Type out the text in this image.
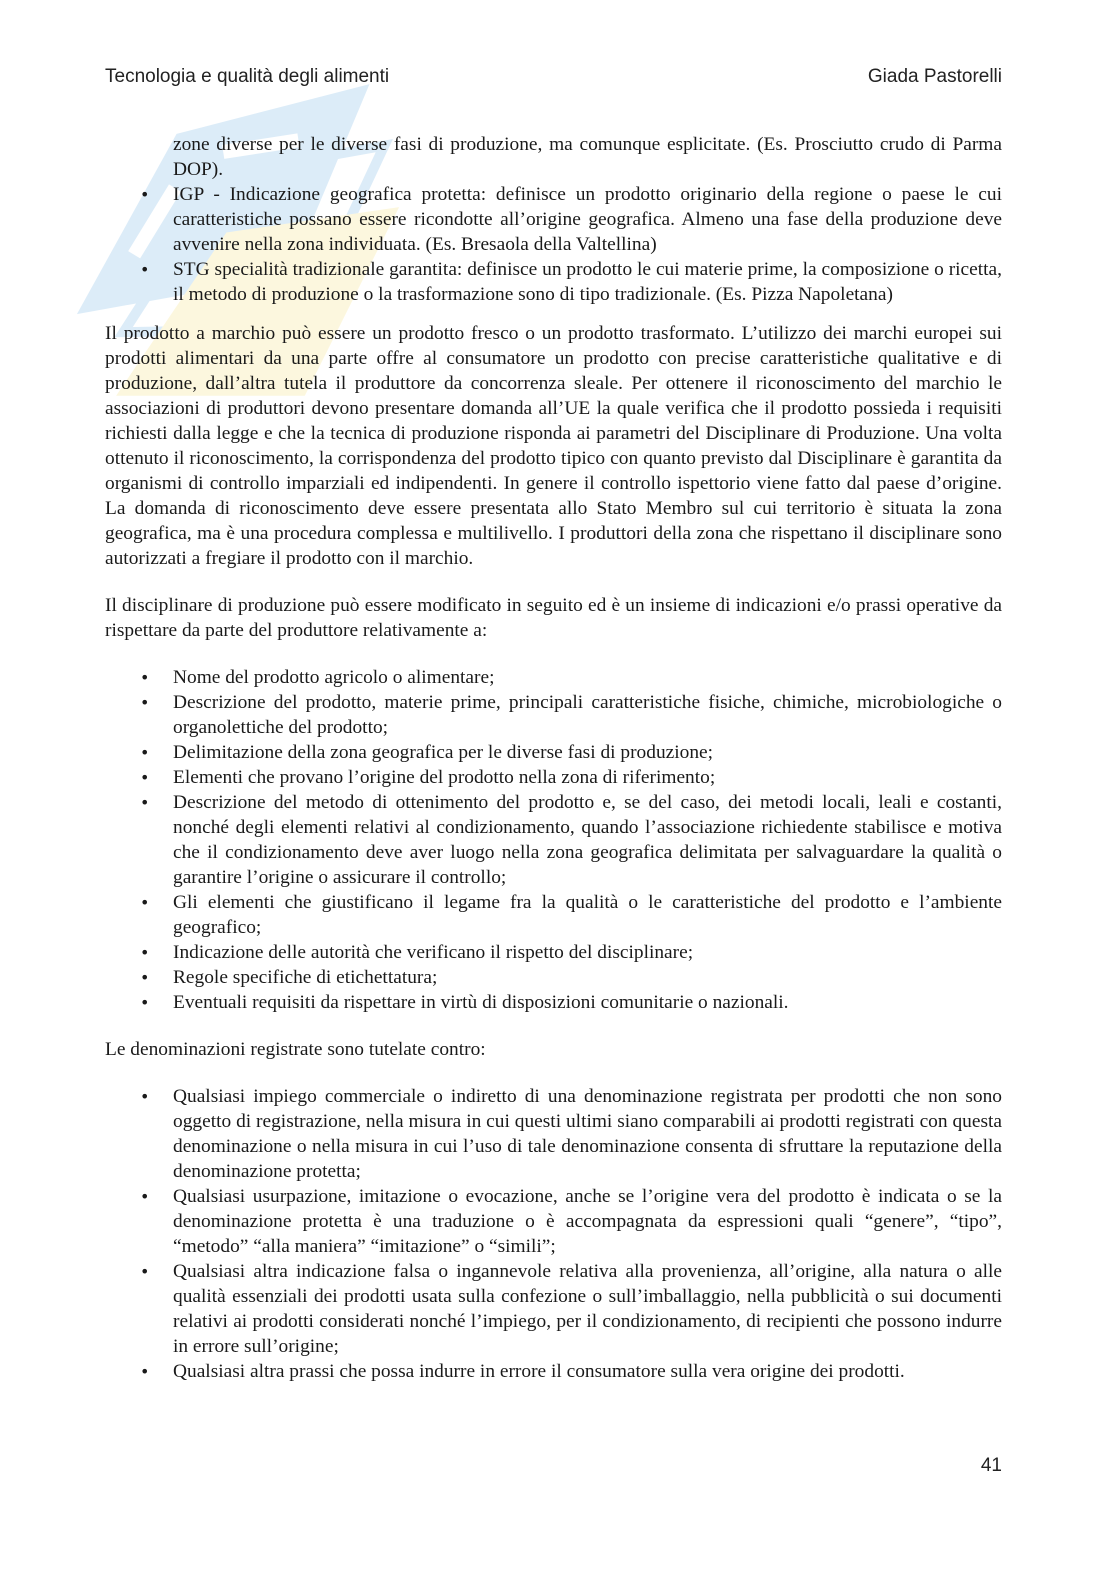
Tecnologia e qualità degli alimenti	Giada Pastorelli
zone diverse per le diverse fasi di produzione, ma comunque esplicitate. (Es. Prosciutto crudo di Parma DOP).
• IGP - Indicazione geografica protetta: definisce un prodotto originario della regione o paese le cui caratteristiche possano essere ricondotte all’origine geografica. Almeno una fase della produzione deve avvenire nella zona individuata. (Es. Bresaola della Valtellina)
• STG specialità tradizionale garantita: definisce un prodotto le cui materie prime, la composizione o ricetta, il metodo di produzione o la trasformazione sono di tipo tradizionale. (Es. Pizza Napoletana)

Il prodotto a marchio può essere un prodotto fresco o un prodotto trasformato. L’utilizzo dei marchi europei sui prodotti alimentari da una parte offre al consumatore un prodotto con precise caratteristiche qualitative e di produzione, dall’altra tutela il produttore da concorrenza sleale. Per ottenere il riconoscimento del marchio le associazioni di produttori devono presentare domanda all’UE la quale verifica che il prodotto possieda i requisiti richiesti dalla legge e che la tecnica di produzione risponda ai parametri del Disciplinare di Produzione. Una volta ottenuto il riconoscimento, la corrispondenza del prodotto tipico con quanto previsto dal Disciplinare è garantita da organismi di controllo imparziali ed indipendenti. In genere il controllo ispettorio viene fatto dal paese d’origine. La domanda di riconoscimento deve essere presentata allo Stato Membro sul cui territorio è situata la zona geografica, ma è una procedura complessa e multilivello. I produttori della zona che rispettano il disciplinare sono autorizzati a fregiare il prodotto con il marchio.

Il disciplinare di produzione può essere modificato in seguito ed è un insieme di indicazioni e/o prassi operative da rispettare da parte del produttore relativamente a:

• Nome del prodotto agricolo o alimentare;
• Descrizione del prodotto, materie prime, principali caratteristiche fisiche, chimiche, microbiologiche o organolettiche del prodotto;
• Delimitazione della zona geografica per le diverse fasi di produzione;
• Elementi che provano l’origine del prodotto nella zona di riferimento;
• Descrizione del metodo di ottenimento del prodotto e, se del caso, dei metodi locali, leali e costanti, nonché degli elementi relativi al condizionamento, quando l’associazione richiedente stabilisce e motiva che il condizionamento deve aver luogo nella zona geografica delimitata per salvaguardare la qualità o garantire l’origine o assicurare il controllo;
• Gli elementi che giustificano il legame fra la qualità o le caratteristiche del prodotto e l’ambiente geografico;
• Indicazione delle autorità che verificano il rispetto del disciplinare;
• Regole specifiche di etichettatura;
• Eventuali requisiti da rispettare in virtù di disposizioni comunitarie o nazionali.

Le denominazioni registrate sono tutelate contro:

• Qualsiasi impiego commerciale o indiretto di una denominazione registrata per prodotti che non sono oggetto di registrazione, nella misura in cui questi ultimi siano comparabili ai prodotti registrati con questa denominazione o nella misura in cui l’uso di tale denominazione consenta di sfruttare la reputazione della denominazione protetta;
• Qualsiasi usurpazione, imitazione o evocazione, anche se l’origine vera del prodotto è indicata o se la denominazione protetta è una traduzione o è accompagnata da espressioni quali “genere”, “tipo”, “metodo” “alla maniera” “imitazione” o “simili”;
• Qualsiasi altra indicazione falsa o ingannevole relativa alla provenienza, all’origine, alla natura o alle qualità essenziali dei prodotti usata sulla confezione o sull’imballaggio, nella pubblicità o sui documenti relativi ai prodotti considerati nonché l’impiego, per il condizionamento, di recipienti che possono indurre in errore sull’origine;
• Qualsiasi altra prassi che possa indurre in errore il consumatore sulla vera origine dei prodotti.
41
